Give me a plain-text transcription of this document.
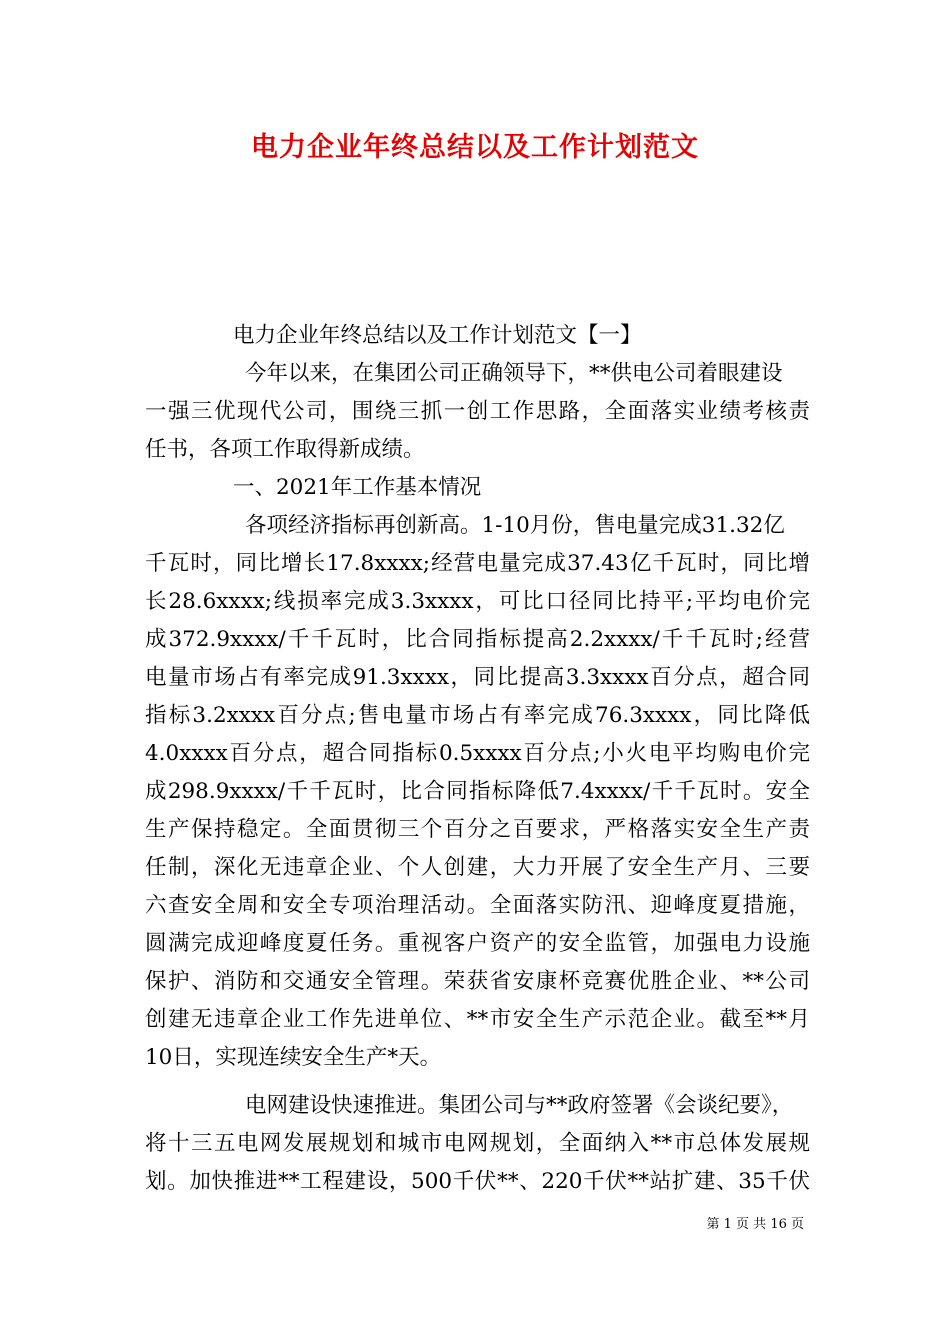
电力企业年终总结以及工作计划范文
电力企业年终总结以及工作计划范文【一】
今年以来，在集团公司正确领导下，**供电公司着眼建设
一强三优现代公司，围绕三抓一创工作思路，全面落实业绩考核责
任书，各项工作取得新成绩。
一、2021年工作基本情况
各项经济指标再创新高。1-10月份，售电量完成31.32亿
千瓦时，同比增长17.8xxxx;经营电量完成37.43亿千瓦时，同比增
长28.6xxxx;线损率完成3.3xxxx，可比口径同比持平;平均电价完
成372.9xxxx/千千瓦时，比合同指标提高2.2xxxx/千千瓦时;经营
电量市场占有率完成91.3xxxx，同比提高3.3xxxx百分点，超合同
指标3.2xxxx百分点;售电量市场占有率完成76.3xxxx，同比降低
4.0xxxx百分点，超合同指标0.5xxxx百分点;小火电平均购电价完
成298.9xxxx/千千瓦时，比合同指标降低7.4xxxx/千千瓦时。安全
生产保持稳定。全面贯彻三个百分之百要求，严格落实安全生产责
任制，深化无违章企业、个人创建，大力开展了安全生产月、三要
六查安全周和安全专项治理活动。全面落实防汛、迎峰度夏措施，
圆满完成迎峰度夏任务。重视客户资产的安全监管，加强电力设施
保护、消防和交通安全管理。荣获省安康杯竞赛优胜企业、**公司
创建无违章企业工作先进单位、**市安全生产示范企业。截至**月
10日，实现连续安全生产*天。
电网建设快速推进。集团公司与**政府签署《会谈纪要》，
将十三五电网发展规划和城市电网规划，全面纳入**市总体发展规
划。加快推进**工程建设，500千伏**、220千伏**站扩建、35千伏
第 1 页 共 16 页
